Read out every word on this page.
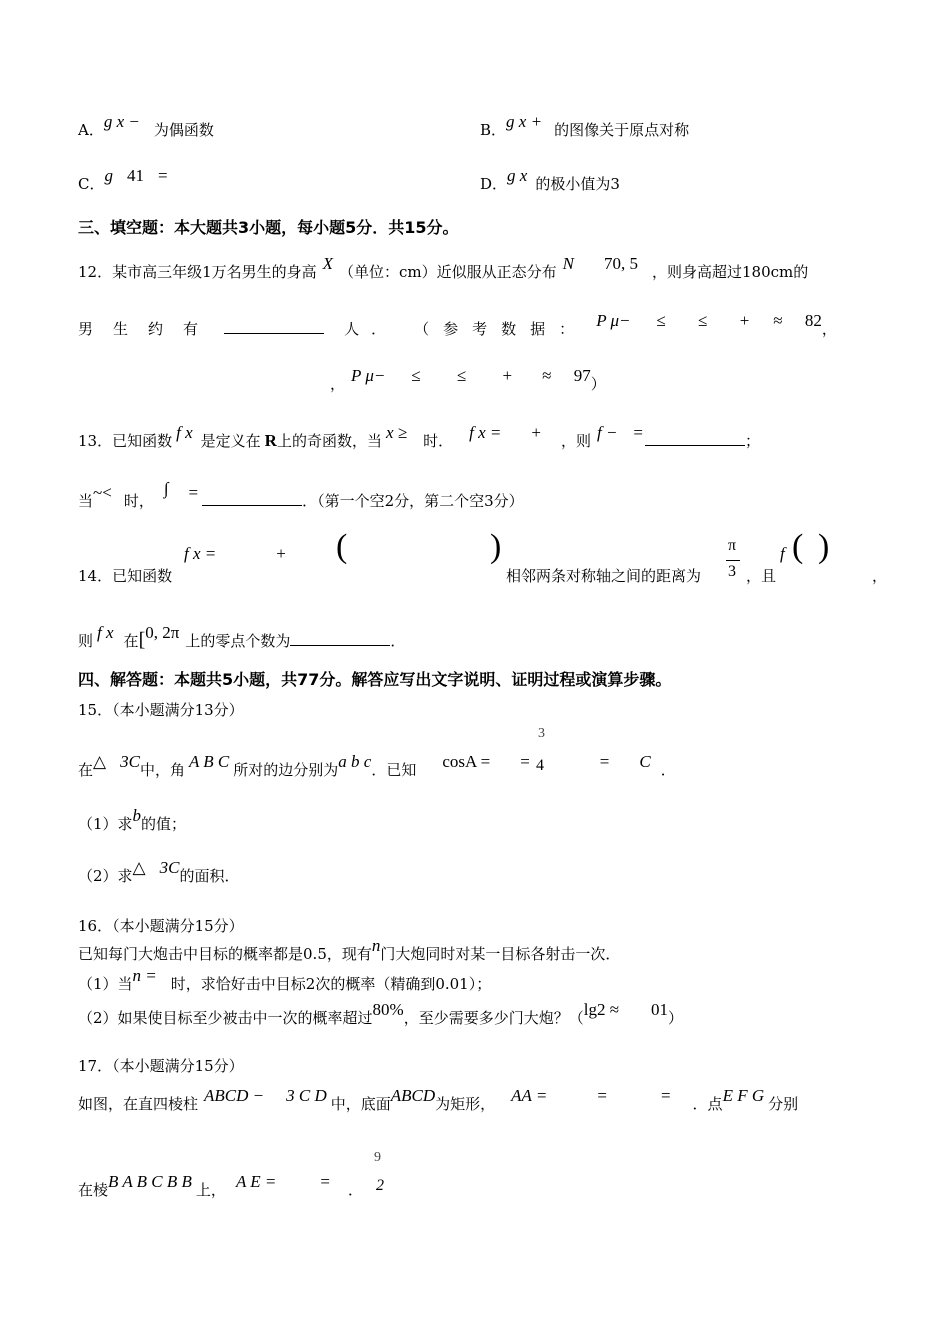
A．g x − 为偶函数	B．g x + 的图像关于原点对称
C．g 41 =	D．g x 的极小值为3
三、填空题：本大题共3小题，每小题5分．共15分。
12．某市高三年级1万名男生的身高 X （单位：cm）近似服从正态分布 N 70, 5 ，则身高超过180cm的
男 生 约 有	人 ． （ 参 考 数 据 ： P μ− ≤ ≤ + ≈ 82，
， P μ− ≤ ≤ + ≈ 97）
13．已知函数 f x 是定义在 R上的奇函数，当 x ≥ 时． f x = + ，则 f − =	；
当~< 时，∫ =	．（第一个空2分，第二个空3分）
14．已知函数
f x =	+ (	)
相邻两条对称轴之间的距离为
π
3 ，且
f ( )
，
则 f x 在[0, 2π 上的零点个数为	．
四、解答题：本题共5小题，共77分。解答应写出文字说明、证明过程或演算步骤。
15．（本小题满分13分）
在△ 3C中，角 A B C 所对的边分别为a b c．已知 cosA = =	= C ．
3
4
（1）求b的值；
（2）求△ 3C的面积．
16．（本小题满分15分）
已知每门大炮击中目标的概率都是0.5，现有n门大炮同时对某一目标各射击一次．
（1）当n = 时，求恰好击中目标2次的概率（精确到0.01）；
（2）如果使目标至少被击中一次的概率超过80%，至少需要多少门大炮？（lg2 ≈ 01）
17．（本小题满分15分）
如图，在直四棱柱 ABCD − 3 C D 中，底面ABCD为矩形， AA =	=	= ．点E F G 分别
在棱B A B C B B 上， A E =	= ．
9
2
